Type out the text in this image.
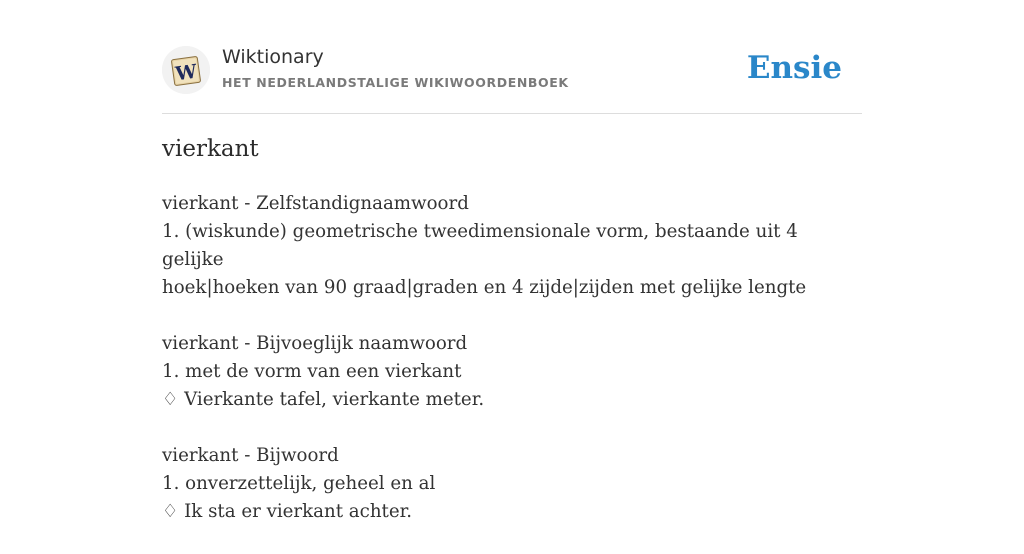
W
Wiktionary
HET NEDERLANDSTALIGE WIKIWOORDENBOEK	Ensie
vierkant
vierkant - Zelfstandignaamwoord
1. (wiskunde) geometrische tweedimensionale vorm, bestaande uit 4 gelijke
hoek|hoeken van 90 graad|graden en 4 zijde|zijden met gelijke lengte
vierkant - Bijvoeglijk naamwoord
1. met de vorm van een vierkant
♢ Vierkante tafel, vierkante meter.
vierkant - Bijwoord
1. onverzettelijk, geheel en al
♢ Ik sta er vierkant achter.
